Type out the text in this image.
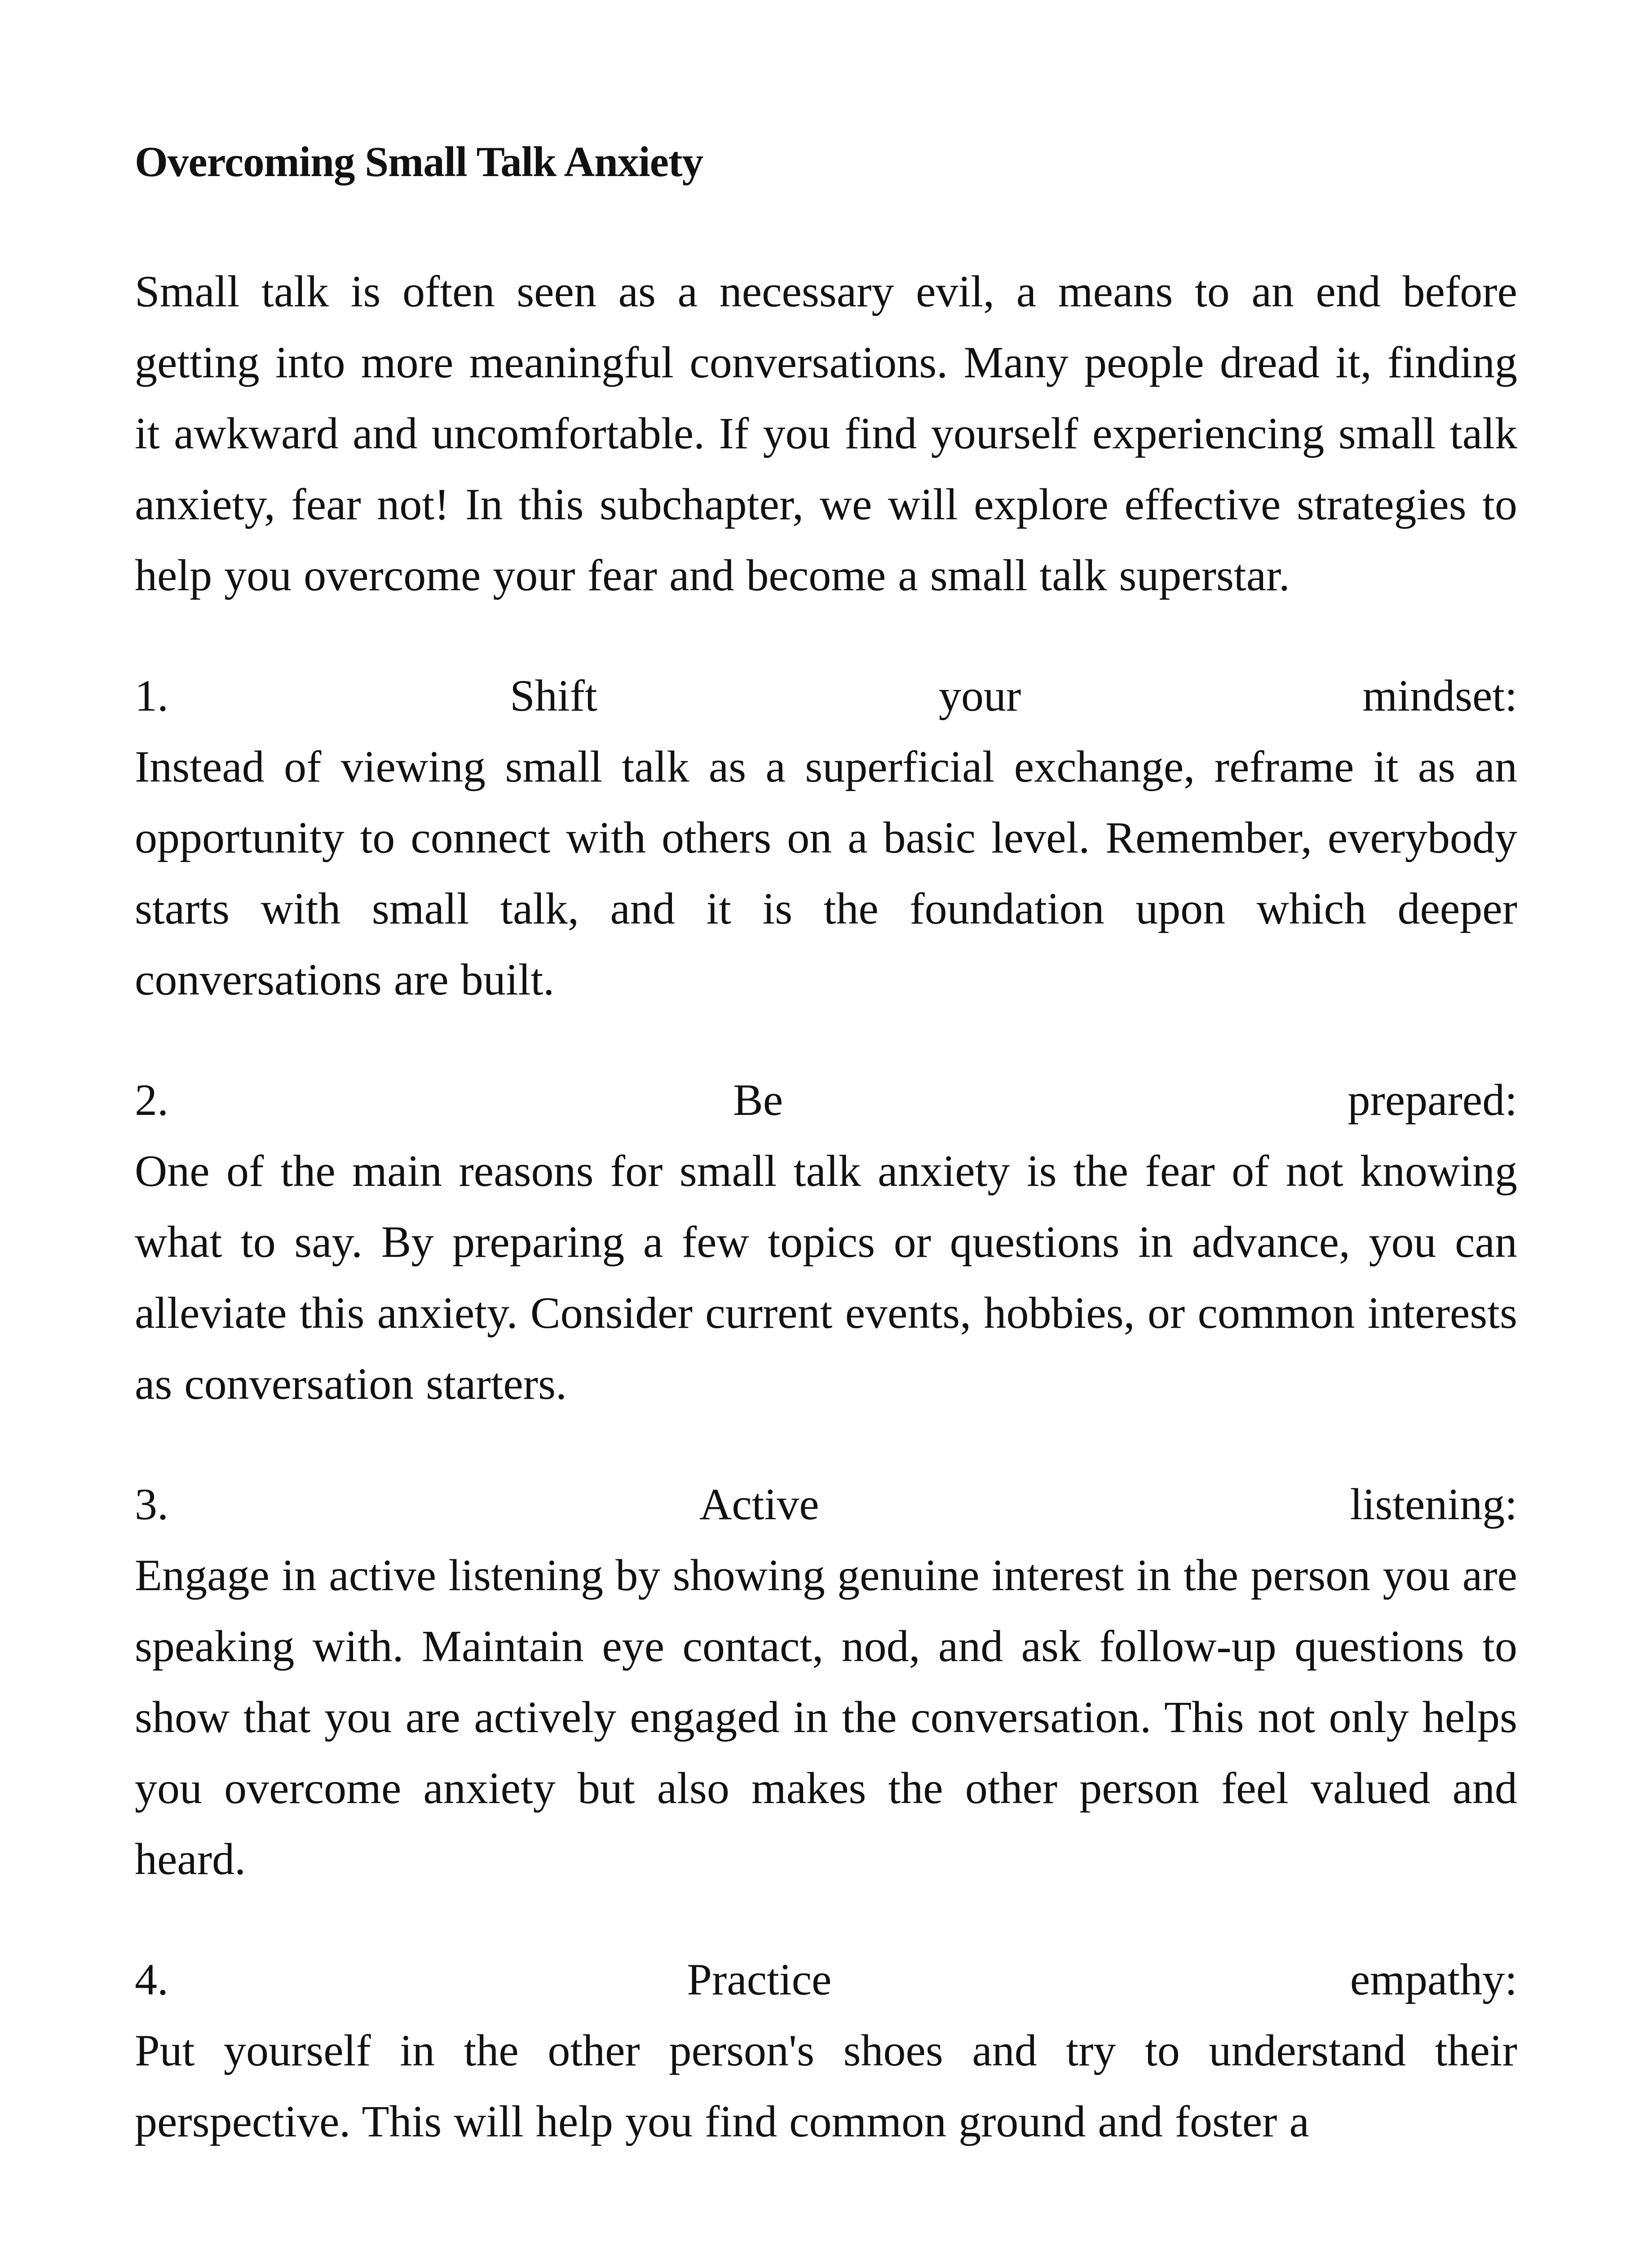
Overcoming Small Talk Anxiety

Small talk is often seen as a necessary evil, a means to an end before getting into more meaningful conversations. Many people dread it, finding it awkward and uncomfortable. If you find yourself experiencing small talk anxiety, fear not! In this subchapter, we will explore effective strategies to help you overcome your fear and become a small talk superstar.

1.	Shift	your	mindset:

Instead of viewing small talk as a superficial exchange, reframe it as an opportunity to connect with others on a basic level. Remember, everybody starts with small talk, and it is the foundation upon which deeper conversations are built.

2.	Be	prepared:

One of the main reasons for small talk anxiety is the fear of not knowing what to say. By preparing a few topics or questions in advance, you can alleviate this anxiety. Consider current events, hobbies, or common interests as conversation starters.

3.	Active	listening:

Engage in active listening by showing genuine interest in the person you are speaking with. Maintain eye contact, nod, and ask follow-up questions to show that you are actively engaged in the conversation. This not only helps you overcome anxiety but also makes the other person feel valued and heard.

4.	Practice	empathy:

Put yourself in the other person's shoes and try to understand their perspective. This will help you find common ground and foster a
